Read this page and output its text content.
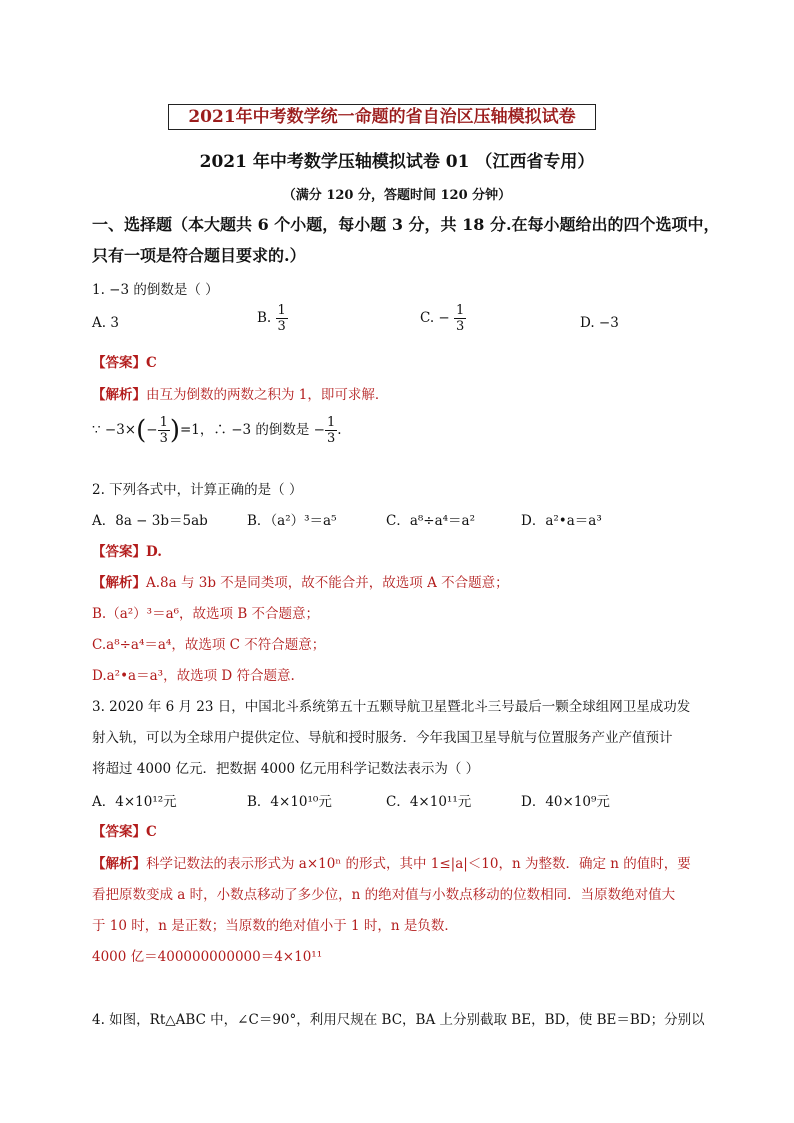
2021年中考数学统一命题的省自治区压轴模拟试卷
2021 年中考数学压轴模拟试卷 01 （江西省专用）
（满分 120 分，答题时间 120 分钟）
一、选择题（本大题共 6 个小题，每小题 3 分，共 18 分.在每小题给出的四个选项中，
只有一项是符合题目要求的.）
1. −3 的倒数是（ ）
A. 3	B. $\frac{1}{3}$	C. − $\frac{1}{3}$	D. −3
【答案】C
【解析】由互为倒数的两数之积为 1，即可求解．
∵ $-3\times(- \frac{1}{3} )=1$，∴ −3 的倒数是 − $\frac{1}{3}$ .
2. 下列各式中，计算正确的是（ ）
A．8a − 3b＝5ab	B．（a²）³＝a⁵	C．a⁸÷a⁴＝a²	D．a²•a＝a³
【答案】D.
【解析】A.8a 与 3b 不是同类项，故不能合并，故选项 A 不合题意；
B.（a²）³＝a⁶，故选项 B 不合题意；
C.a⁸÷a⁴＝a⁴，故选项 C 不符合题意；
D.a²•a＝a³，故选项 D 符合题意.
3. 2020 年 6 月 23 日，中国北斗系统第五十五颗导航卫星暨北斗三号最后一颗全球组网卫星成功发
射入轨，可以为全球用户提供定位、导航和授时服务．今年我国卫星导航与位置服务产业产值预计
将超过 4000 亿元．把数据 4000 亿元用科学记数法表示为（ ）
A．4×10¹²元	B．4×10¹⁰元	C．4×10¹¹元	D．40×10⁹元
【答案】C
【解析】科学记数法的表示形式为 a×10ⁿ 的形式，其中 1≤|a|＜10，n 为整数．确定 n 的值时，要
看把原数变成 a 时，小数点移动了多少位，n 的绝对值与小数点移动的位数相同．当原数绝对值大
于 10 时，n 是正数；当原数的绝对值小于 1 时，n 是负数．
4000 亿＝400000000000＝4×10¹¹
4. 如图，Rt△ABC 中，∠C＝90°，利用尺规在 BC，BA 上分别截取 BE，BD，使 BE＝BD；分别以
